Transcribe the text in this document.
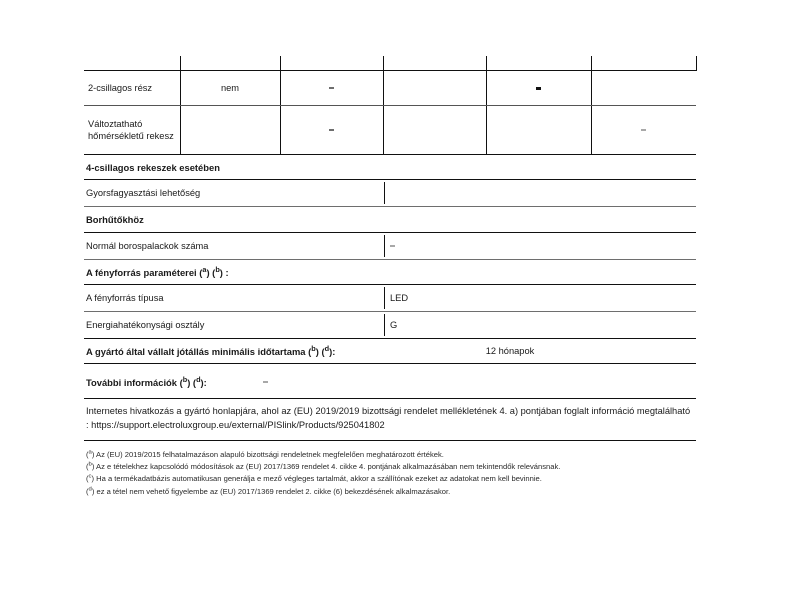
2-csillagos rész	nem				
Változtatható hőmérsékletű rekesz					
4-csillagos rekeszek esetében
Gyorsfagyasztási lehetőség
Borhűtőkhöz
Normál borospalackok száma
A fényforrás paraméterei ($^a$) ($^b$) :
A fényforrás típusa	LED
Energiahatékonysági osztály	G
A gyártó által vállalt jótállás minimális időtartama ($^b$) ($^d$):	12 hónapok
További információk ($^b$) ($^d$):
Internetes hivatkozás a gyártó honlapjára, ahol az (EU) 2019/2019 bizottsági rendelet mellékletének 4. a) pontjában foglalt információ megtalálható : https://support.electroluxgroup.eu/external/PISlink/Products/925041802
($^a$) Az (EU) 2019/2015 felhatalmazáson alapuló bizottsági rendeletnek megfelelően meghatározott értékek.
($^b$) Az e tételekhez kapcsolódó módosítások az (EU) 2017/1369 rendelet 4. cikke 4. pontjának alkalmazásában nem tekintendők relevánsnak.
($^c$) Ha a termékadatbázis automatikusan generálja e mező végleges tartalmát, akkor a szállítónak ezeket az adatokat nem kell bevinnie.
($^d$) ez a tétel nem vehető figyelembe az (EU) 2017/1369 rendelet 2. cikke (6) bekezdésének alkalmazásakor.
